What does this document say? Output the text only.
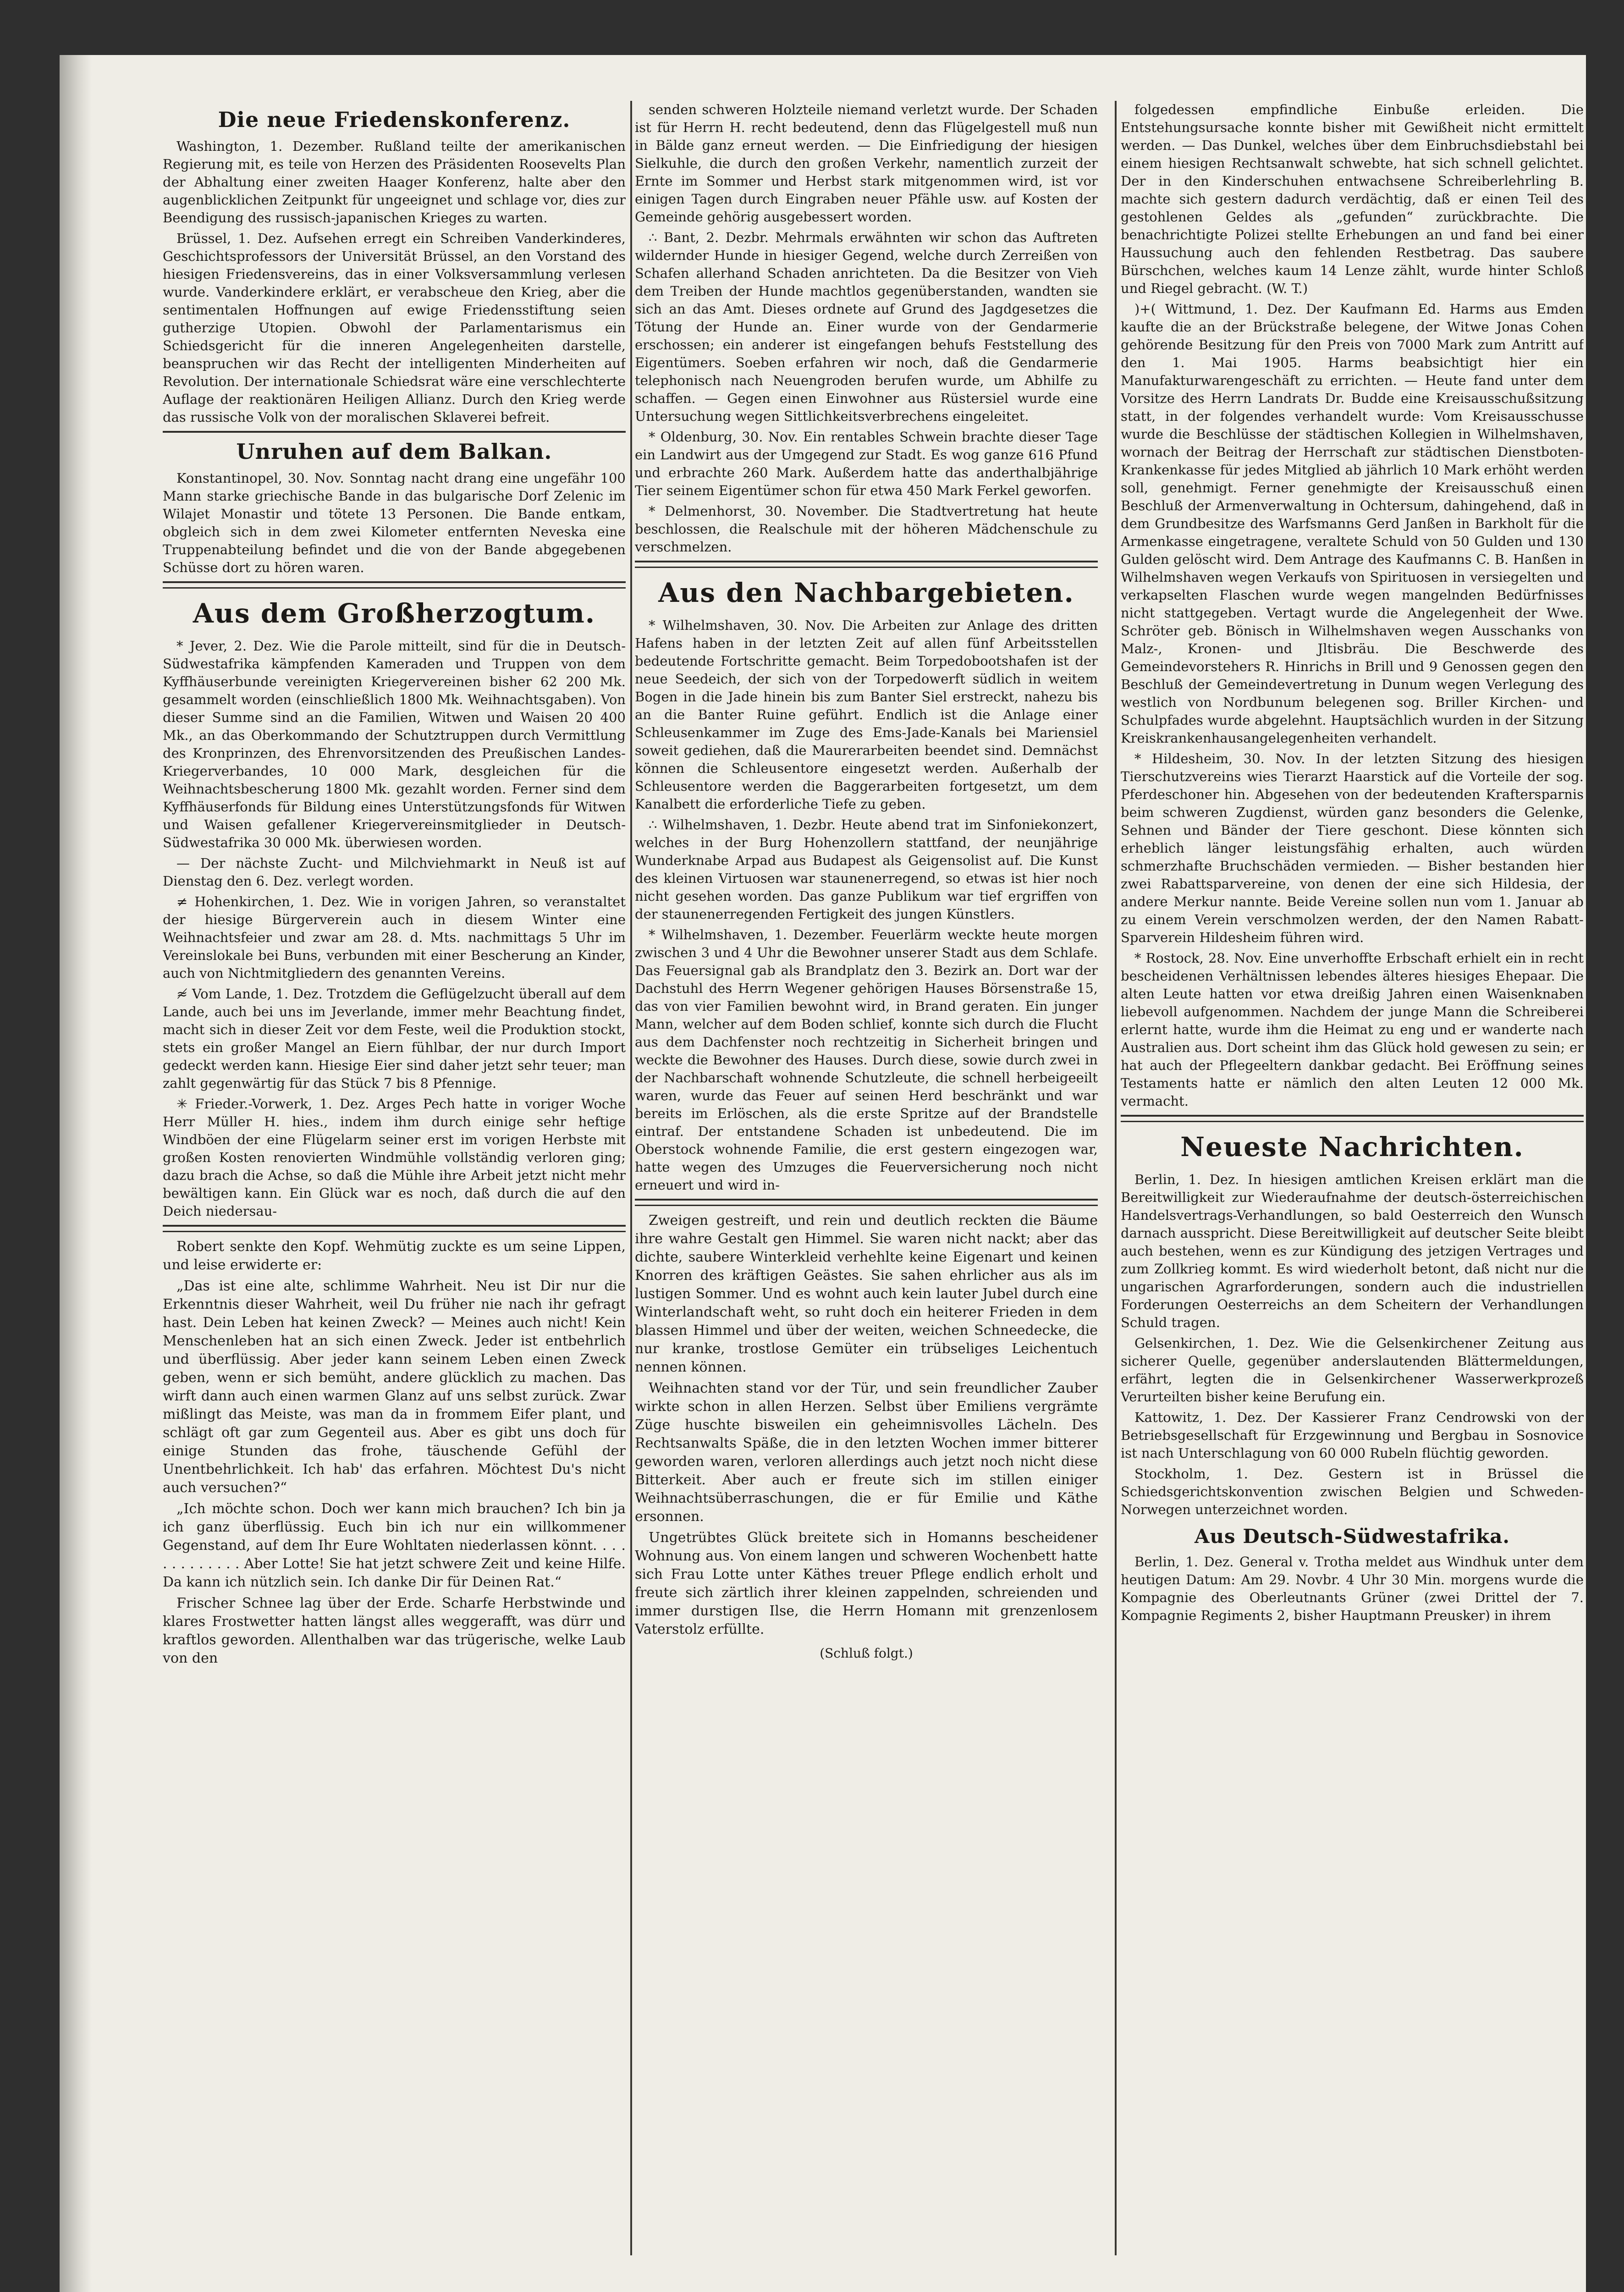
Die neue Friedenskonferenz.

Washington, 1. Dezember. Rußland teilte der amerikanischen Regierung mit, es teile von Herzen des Präsidenten Roosevelts Plan der Abhaltung einer zweiten Haager Konferenz, halte aber den augenblicklichen Zeitpunkt für ungeeignet und schlage vor, dies zur Beendigung des russisch-japanischen Krieges zu warten.

Brüssel, 1. Dez. Aufsehen erregt ein Schreiben Vanderkinderes, Geschichtsprofessors der Universität Brüssel, an den Vorstand des hiesigen Friedensvereins, das in einer Volksversammlung verlesen wurde. Vanderkindere erklärt, er verabscheue den Krieg, aber die sentimentalen Hoffnungen auf ewige Friedensstiftung seien gutherzige Utopien. Obwohl der Parlamentarismus ein Schiedsgericht für die inneren Angelegenheiten darstelle, beanspruchen wir das Recht der intelligenten Minderheiten auf Revolution. Der internationale Schiedsrat wäre eine verschlechterte Auflage der reaktionären Heiligen Allianz. Durch den Krieg werde das russische Volk von der moralischen Sklaverei befreit.

Unruhen auf dem Balkan.

Konstantinopel, 30. Nov. Sonntag nacht drang eine ungefähr 100 Mann starke griechische Bande in das bulgarische Dorf Zelenic im Wilajet Monastir und tötete 13 Personen. Die Bande entkam, obgleich sich in dem zwei Kilometer entfernten Neveska eine Truppenabteilung befindet und die von der Bande abgegebenen Schüsse dort zu hören waren.

Aus dem Großherzogtum.

* Jever, 2. Dez. Wie die Parole mitteilt, sind für die in Deutsch-Südwestafrika kämpfenden Kameraden und Truppen von dem Kyffhäuserbunde vereinigten Kriegervereinen bisher 62 200 Mk. gesammelt worden (einschließlich 1800 Mk. Weihnachtsgaben). Von dieser Summe sind an die Familien, Witwen und Waisen 20 400 Mk., an das Oberkommando der Schutztruppen durch Vermittlung des Kronprinzen, des Ehrenvorsitzenden des Preußischen Landes-Kriegerverbandes, 10 000 Mark, desgleichen für die Weihnachtsbescherung 1800 Mk. gezahlt worden. Ferner sind dem Kyffhäuserfonds für Bildung eines Unterstützungsfonds für Witwen und Waisen gefallener Kriegervereinsmitglieder in Deutsch-Südwestafrika 30 000 Mk. überwiesen worden.

— Der nächste Zucht- und Milchviehmarkt in Neuß ist auf Dienstag den 6. Dez. verlegt worden.

≠ Hohenkirchen, 1. Dez. Wie in vorigen Jahren, so veranstaltet der hiesige Bürgerverein auch in diesem Winter eine Weihnachtsfeier und zwar am 28. d. Mts. nachmittags 5 Uhr im Vereinslokale bei Buns, verbunden mit einer Bescherung an Kinder, auch von Nichtmitgliedern des genannten Vereins.

≉ Vom Lande, 1. Dez. Trotzdem die Geflügelzucht überall auf dem Lande, auch bei uns im Jeverlande, immer mehr Beachtung findet, macht sich in dieser Zeit vor dem Feste, weil die Produktion stockt, stets ein großer Mangel an Eiern fühlbar, der nur durch Import gedeckt werden kann. Hiesige Eier sind daher jetzt sehr teuer; man zahlt gegenwärtig für das Stück 7 bis 8 Pfennige.

✳ Frieder.-Vorwerk, 1. Dez. Arges Pech hatte in voriger Woche Herr Müller H. hies., indem ihm durch einige sehr heftige Windböen der eine Flügelarm seiner erst im vorigen Herbste mit großen Kosten renovierten Windmühle vollständig verloren ging; dazu brach die Achse, so daß die Mühle ihre Arbeit jetzt nicht mehr bewältigen kann. Ein Glück war es noch, daß durch die auf den Deich niedersau-

Robert senkte den Kopf. Wehmütig zuckte es um seine Lippen, und leise erwiderte er:

„Das ist eine alte, schlimme Wahrheit. Neu ist Dir nur die Erkenntnis dieser Wahrheit, weil Du früher nie nach ihr gefragt hast. Dein Leben hat keinen Zweck? — Meines auch nicht! Kein Menschenleben hat an sich einen Zweck. Jeder ist entbehrlich und überflüssig. Aber jeder kann seinem Leben einen Zweck geben, wenn er sich bemüht, andere glücklich zu machen. Das wirft dann auch einen warmen Glanz auf uns selbst zurück. Zwar mißlingt das Meiste, was man da in frommem Eifer plant, und schlägt oft gar zum Gegenteil aus. Aber es gibt uns doch für einige Stunden das frohe, täuschende Gefühl der Unentbehrlichkeit. Ich hab' das erfahren. Möchtest Du's nicht auch versuchen?“

„Ich möchte schon. Doch wer kann mich brauchen? Ich bin ja ich ganz überflüssig. Euch bin ich nur ein willkommener Gegenstand, auf dem Ihr Eure Wohltaten niederlassen könnt. . . . . . . . . . . . . Aber Lotte! Sie hat jetzt schwere Zeit und keine Hilfe. Da kann ich nützlich sein. Ich danke Dir für Deinen Rat.“

Frischer Schnee lag über der Erde. Scharfe Herbstwinde und klares Frostwetter hatten längst alles weggerafft, was dürr und kraftlos geworden. Allenthalben war das trügerische, welke Laub von den

senden schweren Holzteile niemand verletzt wurde. Der Schaden ist für Herrn H. recht bedeutend, denn das Flügelgestell muß nun in Bälde ganz erneut werden. — Die Einfriedigung der hiesigen Sielkuhle, die durch den großen Verkehr, namentlich zurzeit der Ernte im Sommer und Herbst stark mitgenommen wird, ist vor einigen Tagen durch Eingraben neuer Pfähle usw. auf Kosten der Gemeinde gehörig ausgebessert worden.

∴ Bant, 2. Dezbr. Mehrmals erwähnten wir schon das Auftreten wildernder Hunde in hiesiger Gegend, welche durch Zerreißen von Schafen allerhand Schaden anrichteten. Da die Besitzer von Vieh dem Treiben der Hunde machtlos gegenüberstanden, wandten sie sich an das Amt. Dieses ordnete auf Grund des Jagdgesetzes die Tötung der Hunde an. Einer wurde von der Gendarmerie erschossen; ein anderer ist eingefangen behufs Feststellung des Eigentümers. Soeben erfahren wir noch, daß die Gendarmerie telephonisch nach Neuengroden berufen wurde, um Abhilfe zu schaffen. — Gegen einen Einwohner aus Rüstersiel wurde eine Untersuchung wegen Sittlichkeitsverbrechens eingeleitet.

* Oldenburg, 30. Nov. Ein rentables Schwein brachte dieser Tage ein Landwirt aus der Umgegend zur Stadt. Es wog ganze 616 Pfund und erbrachte 260 Mark. Außerdem hatte das anderthalbjährige Tier seinem Eigentümer schon für etwa 450 Mark Ferkel geworfen.

* Delmenhorst, 30. November. Die Stadtvertretung hat heute beschlossen, die Realschule mit der höheren Mädchenschule zu verschmelzen.

Aus den Nachbargebieten.

* Wilhelmshaven, 30. Nov. Die Arbeiten zur Anlage des dritten Hafens haben in der letzten Zeit auf allen fünf Arbeitsstellen bedeutende Fortschritte gemacht. Beim Torpedobootshafen ist der neue Seedeich, der sich von der Torpedowerft südlich in weitem Bogen in die Jade hinein bis zum Banter Siel erstreckt, nahezu bis an die Banter Ruine geführt. Endlich ist die Anlage einer Schleusenkammer im Zuge des Ems-Jade-Kanals bei Mariensiel soweit gediehen, daß die Maurerarbeiten beendet sind. Demnächst können die Schleusentore eingesetzt werden. Außerhalb der Schleusentore werden die Baggerarbeiten fortgesetzt, um dem Kanalbett die erforderliche Tiefe zu geben.

∴ Wilhelmshaven, 1. Dezbr. Heute abend trat im Sinfoniekonzert, welches in der Burg Hohenzollern stattfand, der neunjährige Wunderknabe Arpad aus Budapest als Geigensolist auf. Die Kunst des kleinen Virtuosen war staunenerregend, so etwas ist hier noch nicht gesehen worden. Das ganze Publikum war tief ergriffen von der staunenerregenden Fertigkeit des jungen Künstlers.

* Wilhelmshaven, 1. Dezember. Feuerlärm weckte heute morgen zwischen 3 und 4 Uhr die Bewohner unserer Stadt aus dem Schlafe. Das Feuersignal gab als Brandplatz den 3. Bezirk an. Dort war der Dachstuhl des Herrn Wegener gehörigen Hauses Börsenstraße 15, das von vier Familien bewohnt wird, in Brand geraten. Ein junger Mann, welcher auf dem Boden schlief, konnte sich durch die Flucht aus dem Dachfenster noch rechtzeitig in Sicherheit bringen und weckte die Bewohner des Hauses. Durch diese, sowie durch zwei in der Nachbarschaft wohnende Schutzleute, die schnell herbeigeeilt waren, wurde das Feuer auf seinen Herd beschränkt und war bereits im Erlöschen, als die erste Spritze auf der Brandstelle eintraf. Der entstandene Schaden ist unbedeutend. Die im Oberstock wohnende Familie, die erst gestern eingezogen war, hatte wegen des Umzuges die Feuerversicherung noch nicht erneuert und wird in-

Zweigen gestreift, und rein und deutlich reckten die Bäume ihre wahre Gestalt gen Himmel. Sie waren nicht nackt; aber das dichte, saubere Winterkleid verhehlte keine Eigenart und keinen Knorren des kräftigen Geästes. Sie sahen ehrlicher aus als im lustigen Sommer. Und es wohnt auch kein lauter Jubel durch eine Winterlandschaft weht, so ruht doch ein heiterer Frieden in dem blassen Himmel und über der weiten, weichen Schneedecke, die nur kranke, trostlose Gemüter ein trübseliges Leichentuch nennen können.

Weihnachten stand vor der Tür, und sein freundlicher Zauber wirkte schon in allen Herzen. Selbst über Emiliens vergrämte Züge huschte bisweilen ein geheimnisvolles Lächeln. Des Rechtsanwalts Späße, die in den letzten Wochen immer bitterer geworden waren, verloren allerdings auch jetzt noch nicht diese Bitterkeit. Aber auch er freute sich im stillen einiger Weihnachtsüberraschungen, die er für Emilie und Käthe ersonnen.

Ungetrübtes Glück breitete sich in Homanns bescheidener Wohnung aus. Von einem langen und schweren Wochenbett hatte sich Frau Lotte unter Käthes treuer Pflege endlich erholt und freute sich zärtlich ihrer kleinen zappelnden, schreienden und immer durstigen Ilse, die Herrn Homann mit grenzenlosem Vaterstolz erfüllte.

(Schluß folgt.)

folgedessen empfindliche Einbuße erleiden. Die Entstehungsursache konnte bisher mit Gewißheit nicht ermittelt werden. — Das Dunkel, welches über dem Einbruchsdiebstahl bei einem hiesigen Rechtsanwalt schwebte, hat sich schnell gelichtet. Der in den Kinderschuhen entwachsene Schreiberlehrling B. machte sich gestern dadurch verdächtig, daß er einen Teil des gestohlenen Geldes als „gefunden“ zurückbrachte. Die benachrichtigte Polizei stellte Erhebungen an und fand bei einer Haussuchung auch den fehlenden Restbetrag. Das saubere Bürschchen, welches kaum 14 Lenze zählt, wurde hinter Schloß und Riegel gebracht. (W. T.)

)+( Wittmund, 1. Dez. Der Kaufmann Ed. Harms aus Emden kaufte die an der Brückstraße belegene, der Witwe Jonas Cohen gehörende Besitzung für den Preis von 7000 Mark zum Antritt auf den 1. Mai 1905. Harms beabsichtigt hier ein Manufakturwarengeschäft zu errichten. — Heute fand unter dem Vorsitze des Herrn Landrats Dr. Budde eine Kreisausschußsitzung statt, in der folgendes verhandelt wurde: Vom Kreisausschusse wurde die Beschlüsse der städtischen Kollegien in Wilhelmshaven, wornach der Beitrag der Herrschaft zur städtischen Dienstboten-Krankenkasse für jedes Mitglied ab jährlich 10 Mark erhöht werden soll, genehmigt. Ferner genehmigte der Kreisausschuß einen Beschluß der Armenverwaltung in Ochtersum, dahingehend, daß in dem Grundbesitze des Warfsmanns Gerd Janßen in Barkholt für die Armenkasse eingetragene, veraltete Schuld von 50 Gulden und 130 Gulden gelöscht wird. Dem Antrage des Kaufmanns C. B. Hanßen in Wilhelmshaven wegen Verkaufs von Spirituosen in versiegelten und verkapselten Flaschen wurde wegen mangelnden Bedürfnisses nicht stattgegeben. Vertagt wurde die Angelegenheit der Wwe. Schröter geb. Bönisch in Wilhelmshaven wegen Ausschanks von Malz-, Kronen- und Jltisbräu. Die Beschwerde des Gemeindevorstehers R. Hinrichs in Brill und 9 Genossen gegen den Beschluß der Gemeindevertretung in Dunum wegen Verlegung des westlich von Nordbunum belegenen sog. Briller Kirchen- und Schulpfades wurde abgelehnt. Hauptsächlich wurden in der Sitzung Kreiskrankenhausangelegenheiten verhandelt.

* Hildesheim, 30. Nov. In der letzten Sitzung des hiesigen Tierschutzvereins wies Tierarzt Haarstick auf die Vorteile der sog. Pferdeschoner hin. Abgesehen von der bedeutenden Kraftersparnis beim schweren Zugdienst, würden ganz besonders die Gelenke, Sehnen und Bänder der Tiere geschont. Diese könnten sich erheblich länger leistungsfähig erhalten, auch würden schmerzhafte Bruchschäden vermieden. — Bisher bestanden hier zwei Rabattsparvereine, von denen der eine sich Hildesia, der andere Merkur nannte. Beide Vereine sollen nun vom 1. Januar ab zu einem Verein verschmolzen werden, der den Namen Rabatt-Sparverein Hildesheim führen wird.

* Rostock, 28. Nov. Eine unverhoffte Erbschaft erhielt ein in recht bescheidenen Verhältnissen lebendes älteres hiesiges Ehepaar. Die alten Leute hatten vor etwa dreißig Jahren einen Waisenknaben liebevoll aufgenommen. Nachdem der junge Mann die Schreiberei erlernt hatte, wurde ihm die Heimat zu eng und er wanderte nach Australien aus. Dort scheint ihm das Glück hold gewesen zu sein; er hat auch der Pflegeeltern dankbar gedacht. Bei Eröffnung seines Testaments hatte er nämlich den alten Leuten 12 000 Mk. vermacht.

Neueste Nachrichten.

Berlin, 1. Dez. In hiesigen amtlichen Kreisen erklärt man die Bereitwilligkeit zur Wiederaufnahme der deutsch-österreichischen Handelsvertrags-Verhandlungen, so bald Oesterreich den Wunsch darnach ausspricht. Diese Bereitwilligkeit auf deutscher Seite bleibt auch bestehen, wenn es zur Kündigung des jetzigen Vertrages und zum Zollkrieg kommt. Es wird wiederholt betont, daß nicht nur die ungarischen Agrarforderungen, sondern auch die industriellen Forderungen Oesterreichs an dem Scheitern der Verhandlungen Schuld tragen.

Gelsenkirchen, 1. Dez. Wie die Gelsenkirchener Zeitung aus sicherer Quelle, gegenüber anderslautenden Blättermeldungen, erfährt, legten die in Gelsenkirchener Wasserwerkprozeß Verurteilten bisher keine Berufung ein.

Kattowitz, 1. Dez. Der Kassierer Franz Cendrowski von der Betriebsgesellschaft für Erzgewinnung und Bergbau in Sosnovice ist nach Unterschlagung von 60 000 Rubeln flüchtig geworden.

Stockholm, 1. Dez. Gestern ist in Brüssel die Schiedsgerichtskonvention zwischen Belgien und Schweden-Norwegen unterzeichnet worden.

Aus Deutsch-Südwestafrika.

Berlin, 1. Dez. General v. Trotha meldet aus Windhuk unter dem heutigen Datum: Am 29. Novbr. 4 Uhr 30 Min. morgens wurde die Kompagnie des Oberleutnants Grüner (zwei Drittel der 7. Kompagnie Regiments 2, bisher Hauptmann Preusker) in ihrem
